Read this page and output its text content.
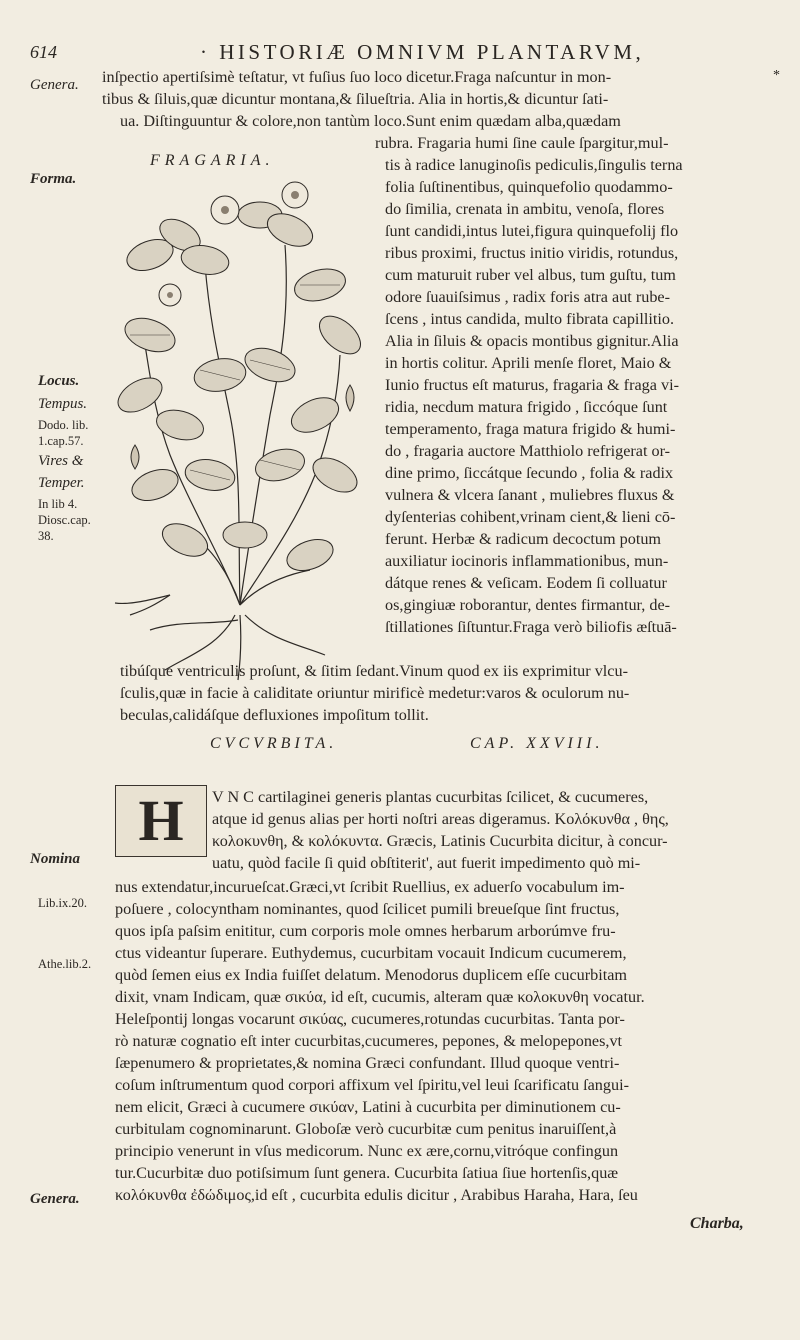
614	· HISTORIÆ OMNIVM PLANTARVM,
*
Genera.
Forma.
Locus.
Tempus.
Dodo. lib.
1.cap.57.
Vires &
Temper.
In lib 4.
Diosc.cap.
38.
Nomina
Lib.ix.20.
Athe.lib.2.
Genera.
inſpectio apertiſsimè teſtatur, vt fuſius ſuo loco dicetur.Fraga naſcuntur in mon-
tibus & ſiluis,quæ dicuntur montana,& ſilueſtria. Alia in hortis,& dicuntur ſati-
ua. Diſtinguuntur & colore,non tantùm loco.Sunt enim quædam alba,quædam
FRAGARIA.
rubra. Fragaria humi ſine caule ſpargitur,mul-
tis à radice lanuginoſis pediculis,ſingulis terna
folia ſuſtinentibus, quinquefolio quodammo-
do ſimilia, crenata in ambitu, venoſa, flores
ſunt candidi,intus lutei,figura quinquefolij flo
ribus proximi, fructus initio viridis, rotundus,
cum maturuit ruber vel albus, tum guſtu, tum
odore ſuauiſsimus , radix foris atra aut rube-
ſcens , intus candida, multo fibrata capillitio.
Alia in ſiluis & opacis montibus gignitur.Alia
in hortis colitur. Aprili menſe floret, Maio &
Iunio fructus eſt maturus, fragaria & fraga vi-
ridia, necdum matura frigido , ſiccóque ſunt
temperamento, fraga matura frigido & humi-
do , fragaria auctore Matthiolo refrigerat or-
dine primo, ſiccátque ſecundo , folia & radix
vulnera & vlcera ſanant , muliebres fluxus &
dyſenterias cohibent,vrinam cient,& lieni cō-
ferunt. Herbæ & radicum decoctum potum
auxiliatur iocinoris inflammationibus, mun-
dátque renes & veſicam. Eodem ſi colluatur
os,gingiuæ roborantur, dentes firmantur, de-
ſtillationes ſiſtuntur.Fraga verò biliofis æſtuā-
tibúſque ventriculis proſunt, & ſitim ſedant.Vinum quod ex iis exprimitur vlcu-
ſculis,quæ in facie à caliditate oriuntur mirificè medetur:varos & oculorum nu-
beculas,calidáſque defluxiones impoſitum tollit.
CVCVRBITA.	CAP. XXVIII.
H	V N C cartilaginei generis plantas cucurbitas ſcilicet, & cucumeres,
atque id genus alias per horti noſtri areas digeramus. Κολόκυνθα , θης,
κολοκυνθη, & κολόκυντα. Græcis, Latinis Cucurbita dicitur, à concur-
uatu, quòd facile ſi quid obſtiterit', aut fuerit impedimento quò mi-
nus extendatur,incurueſcat.Græci,vt ſcribit Ruellius, ex aduerſo vocabulum im-
poſuere , colocyntham nominantes, quod ſcilicet pumili breueſque ſint fructus,
quos ipſa paſsim enititur, cum corporis mole omnes herbarum arborúmve fru-
ctus videantur ſuperare. Euthydemus, cucurbitam vocauit Indicum cucumerem,
quòd ſemen eius ex India fuiſſet delatum. Menodorus duplicem eſſe cucurbitam
dixit, vnam Indicam, quæ σικύα, id eſt, cucumis, alteram quæ κολοκυνθη vocatur.
Heleſpontij longas vocarunt σικύας, cucumeres,rotundas cucurbitas. Tanta por-
rò naturæ cognatio eſt inter cucurbitas,cucumeres, pepones, & melopepones,vt
ſæpenumero & proprietates,& nomina Græci confundant. Illud quoque ventri-
coſum inſtrumentum quod corpori affixum vel ſpiritu,vel leui ſcarificatu ſangui-
nem elicit, Græci à cucumere σικύαν, Latini à cucurbita per diminutionem cu-
curbitulam cognominarunt. Globoſæ verò cucurbitæ cum penitus inaruiſſent,à
principio venerunt in vſus medicorum. Nunc ex ære,cornu,vitróque confingun
tur.Cucurbitæ duo potiſsimum ſunt genera. Cucurbita ſatiua ſiue hortenſis,quæ
κολόκυνθα ἐδώδιμος,id eſt , cucurbita edulis dicitur , Arabibus Haraha, Hara, ſeu
Charba,
